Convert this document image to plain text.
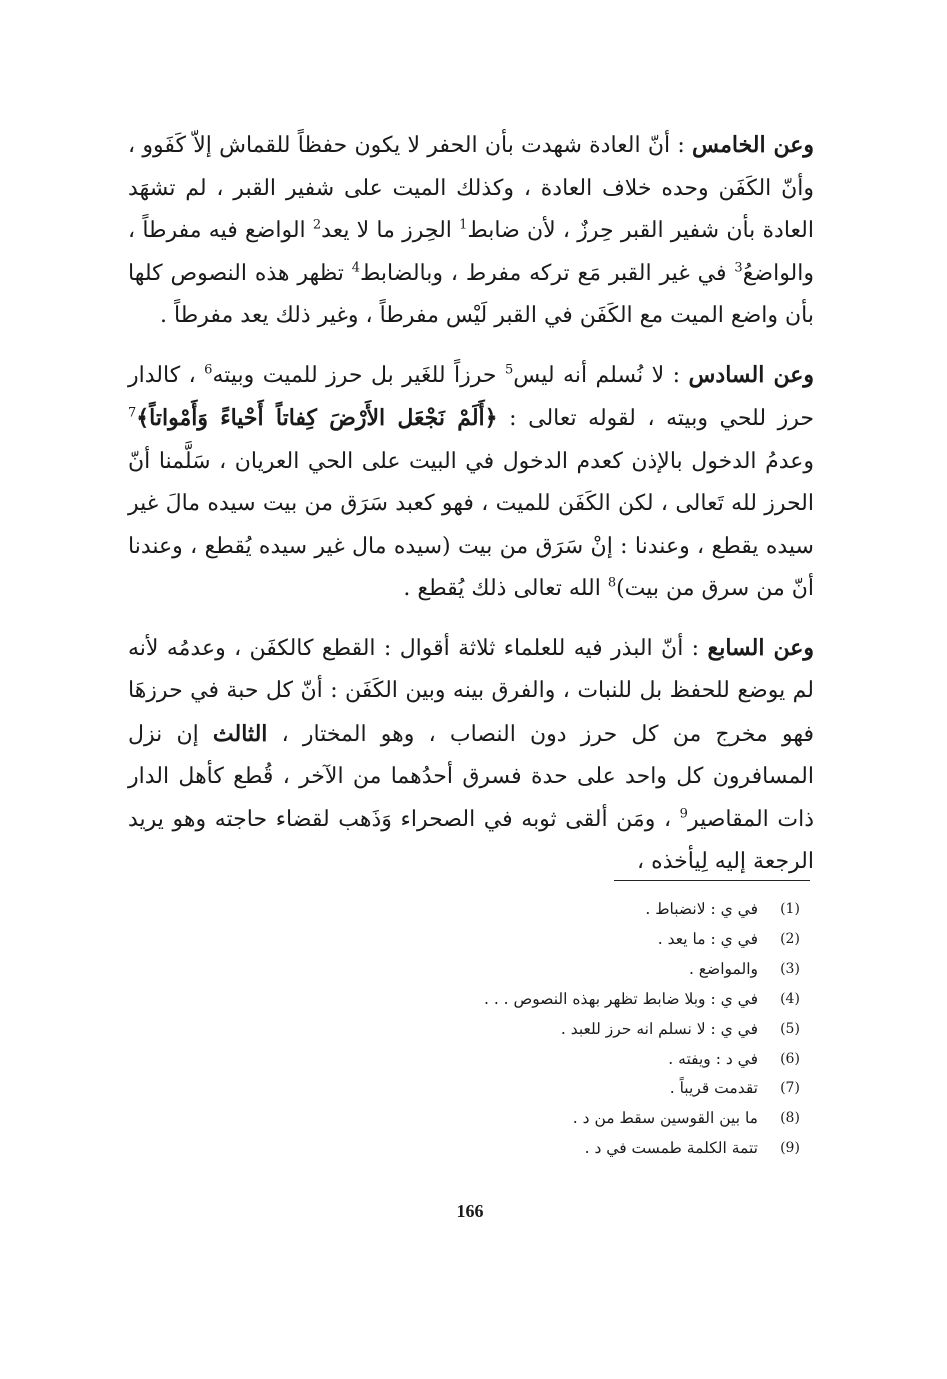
وعن الخامس : أنّ العادة شهدت بأن الحفر لا يكون حفظاً للقماش إلاّ كَفَوو ، وأنّ الكَفَن وحده خلاف العادة ، وكذلك الميت على شفير القبر ، لم تشهَد العادة بأن شفير القبر حِرزٌ ، لأن ضابط$^1$ الحِرز ما لا يعد$^2$ الواضع فيه مفرطاً ، والواضعُ$^3$ في غير القبر مَع تركه مفرط ، وبالضابط$^4$ تظهر هذه النصوص كلها بأن واضع الميت مع الكَفَن في القبر لَيْس مفرطاً ، وغير ذلك يعد مفرطاً .

وعن السادس : لا نُسلم أنه ليس$^5$ حرزاً للغَير بل حرز للميت وبيته$^6$ ، كالدار حرز للحي وبيته ، لقوله تعالى : ﴿أَلَمْ نَجْعَل الأَرْضَ كِفاتاً أَحْياءً وَأَمْواتاً﴾$^7$ وعدمُ الدخول بالإذن كعدم الدخول في البيت على الحي العريان ، سَلَّمنا أنّ الحرز لله تَعالى ، لكن الكَفَن للميت ، فهو كعبد سَرَق من بيت سيده مالَ غير سيده يقطع ، وعندنا : إنْ سَرَق من بيت (سيده مال غير سيده يُقطع ، وعندنا أنّ من سرق من بيت)$^8$ الله تعالى ذلك يُقطع .

وعن السابع : أنّ البذر فيه للعلماء ثلاثة أقوال : القطع كالكفَن ، وعدمُه لأنه لم يوضع للحفظ بل للنبات ، والفرق بينه وبين الكَفَن : أنّ كل حبة في حرزهَا فهو مخرج من كل حرز دون النصاب ، وهو المختار ، الثالث إن نزل المسافرون كل واحد على حدة فسرق أحدُهما من الآخر ، قُطع كأهل الدار ذات المقاصير$^9$ ، ومَن ألقى ثوبه في الصحراء وَذَهب لقضاء حاجته وهو يريد الرجعة إليه لِيأخذه ،

(1)
في ي : لانضباط .
(2)
في ي : ما يعد .
(3)
والمواضع .
(4)
في ي : وبلا ضابط تظهر بهذه النصوص . . .
(5)
في ي : لا نسلم انه حرز للعبد .
(6)
في د : ويفته .
(7)
تقدمت قريباً .
(8)
ما بين القوسين سقط من د .
(9)
تتمة الكلمة طمست في د .
166
